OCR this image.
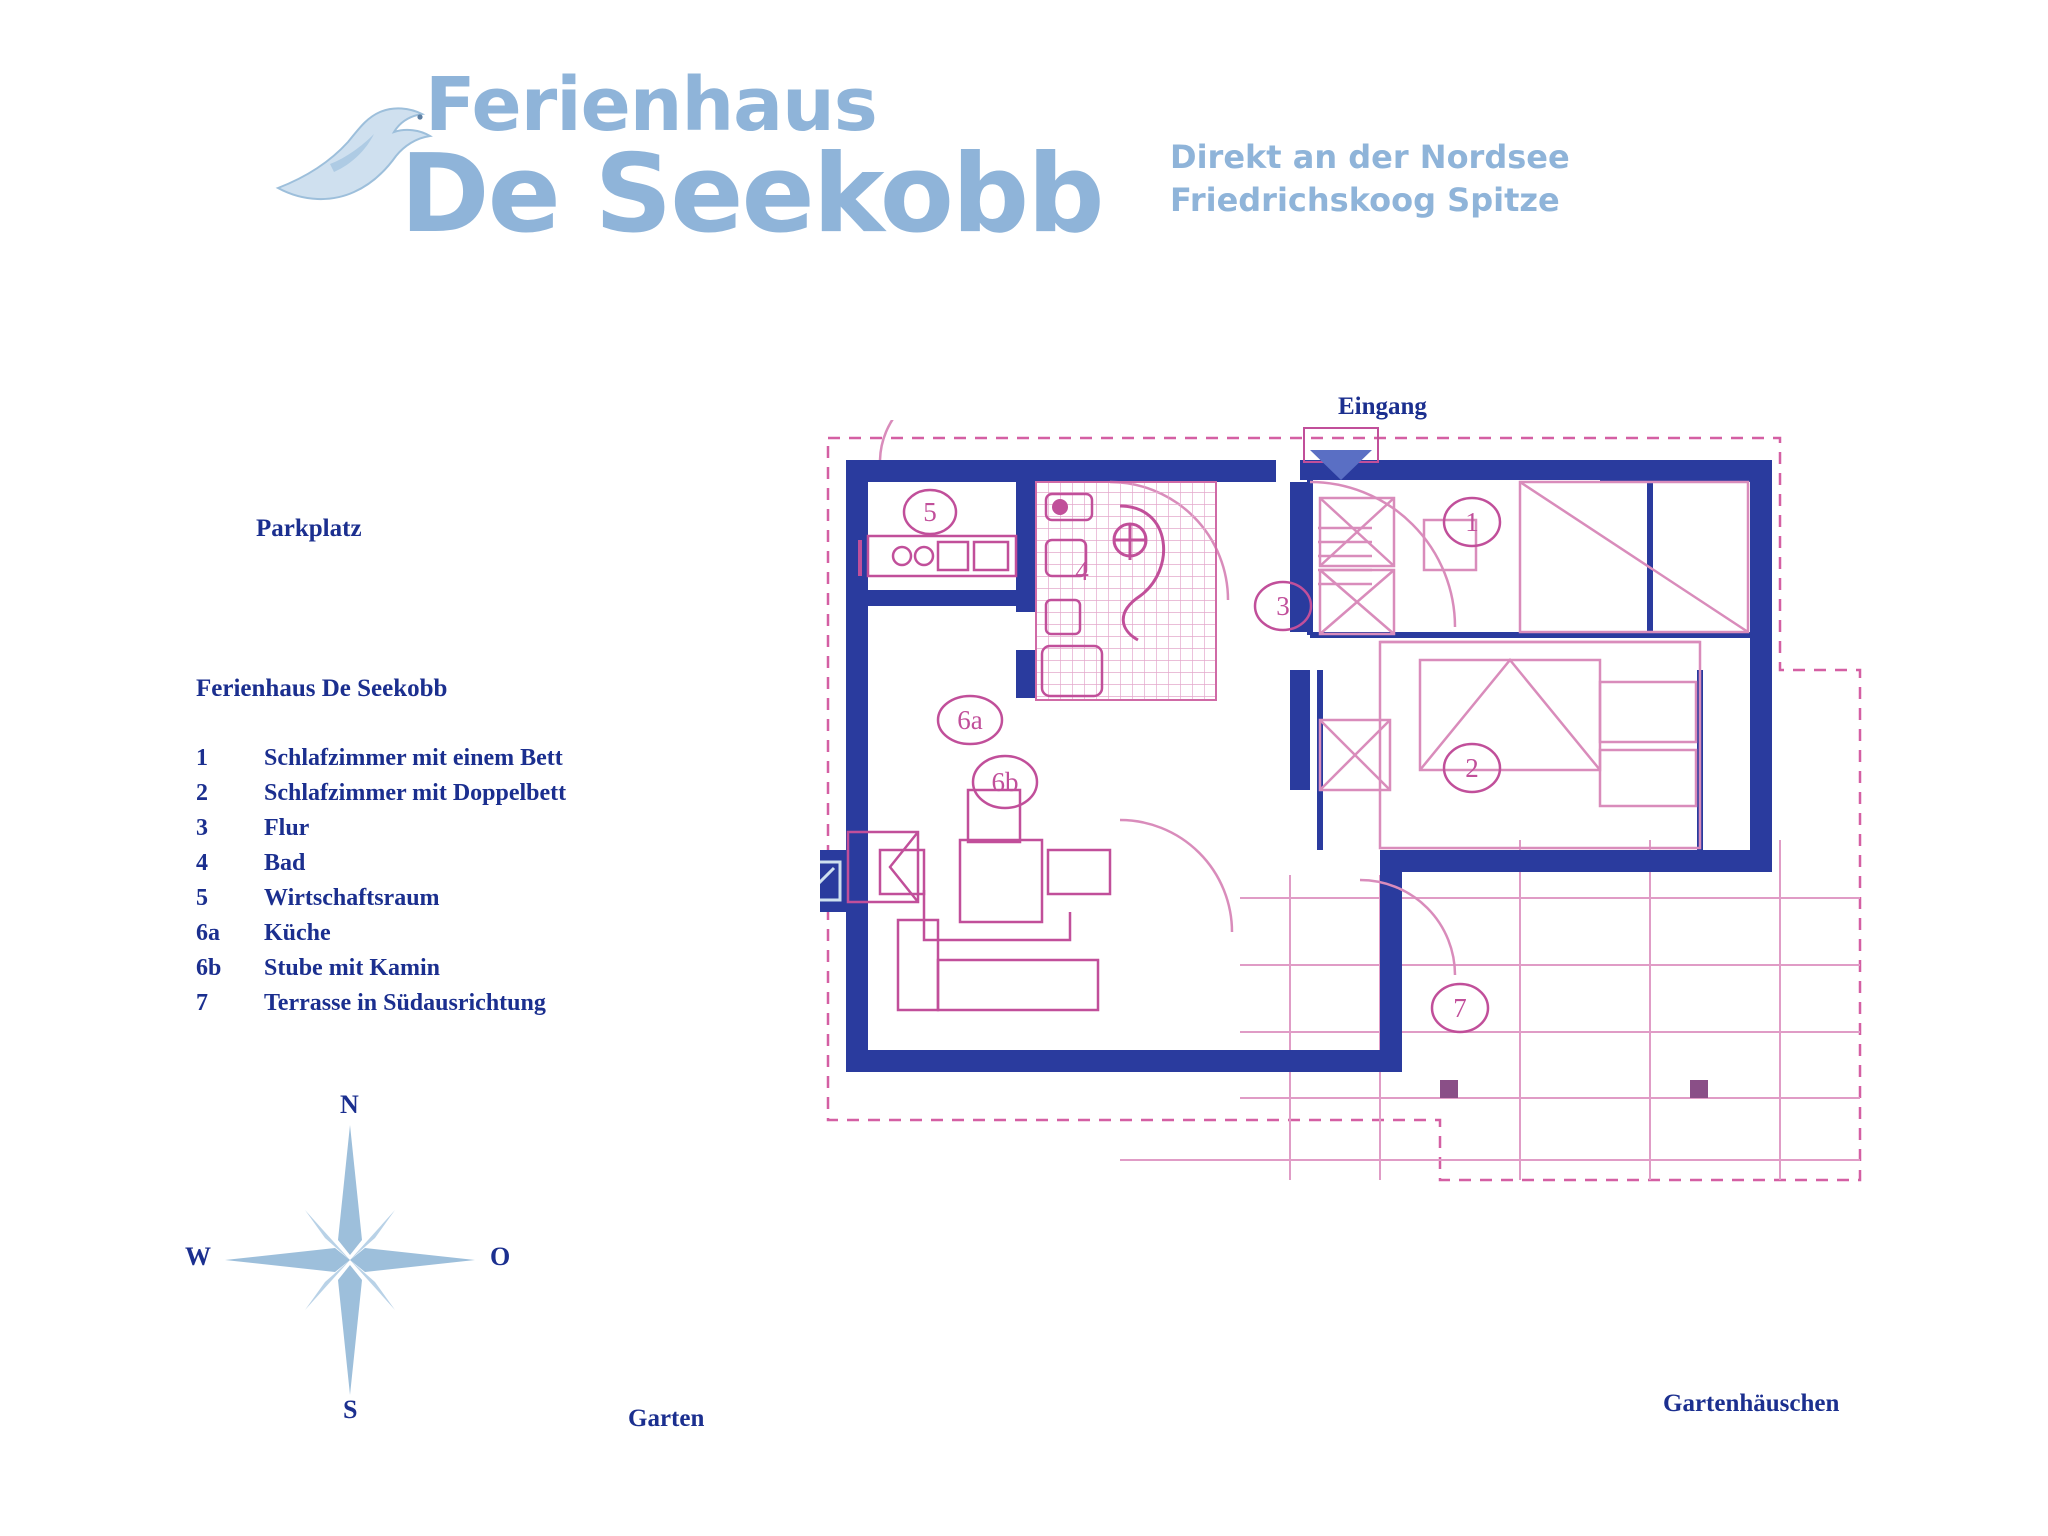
Ferienhaus
De Seekobb Direkt an der Nordsee
Friedrichskoog Spitze
Parkplatz
Eingang
Garten
Gartenhäuschen
Ferienhaus De Seekobb
1	Schlafzimmer mit einem Bett
2	Schlafzimmer mit Doppelbett
3	Flur
4	Bad
5	Wirtschaftsraum
6a	Küche
6b	Stube mit Kamin
7	Terrasse in Südausrichtung
N
S
W	O
5
6a
1
3
2
6b
7
4
